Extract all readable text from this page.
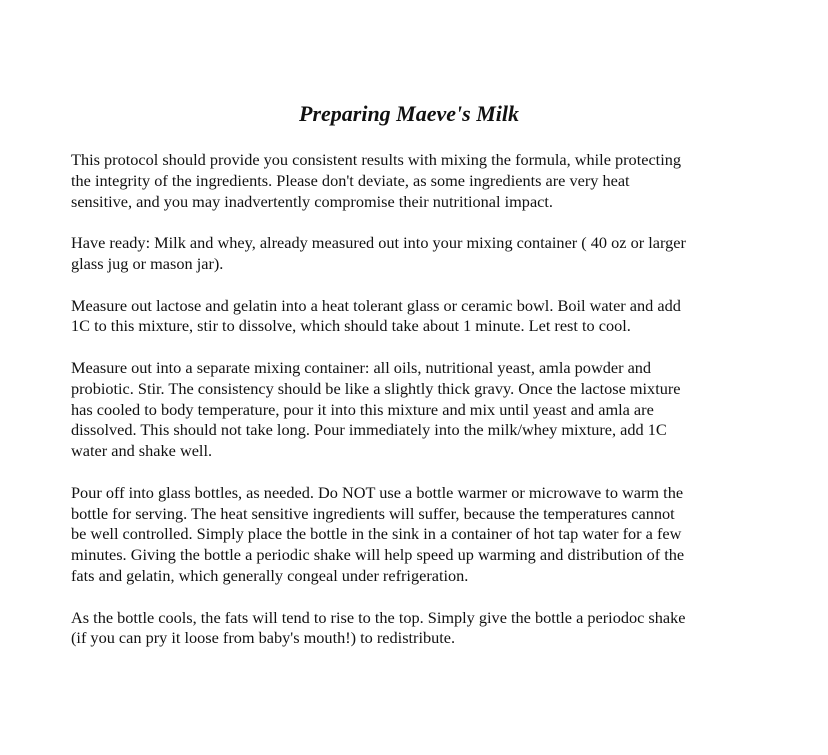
Preparing Maeve's Milk
This protocol should provide you consistent results with mixing the formula, while protecting
the integrity of the ingredients. Please don't deviate, as some ingredients are very heat
sensitive, and you may inadvertently compromise their nutritional impact.
Have ready: Milk and whey, already measured out into your mixing container ( 40 oz or larger
glass jug or mason jar).
Measure out lactose and gelatin into a heat tolerant glass or ceramic bowl. Boil water and add
1C to this mixture, stir to dissolve, which should take about 1 minute. Let rest to cool.
Measure out into a separate mixing container: all oils, nutritional yeast, amla powder and
probiotic. Stir. The consistency should be like a slightly thick gravy. Once the lactose mixture
has cooled to body temperature, pour it into this mixture and mix until yeast and amla are
dissolved. This should not take long. Pour immediately into the milk/whey mixture, add 1C
water and shake well.
Pour off into glass bottles, as needed. Do NOT use a bottle warmer or microwave to warm the
bottle for serving. The heat sensitive ingredients will suffer, because the temperatures cannot
be well controlled. Simply place the bottle in the sink in a container of hot tap water for a few
minutes. Giving the bottle a periodic shake will help speed up warming and distribution of the
fats and gelatin, which generally congeal under refrigeration.
As the bottle cools, the fats will tend to rise to the top. Simply give the bottle a periodoc shake
(if you can pry it loose from baby's mouth!) to redistribute.
